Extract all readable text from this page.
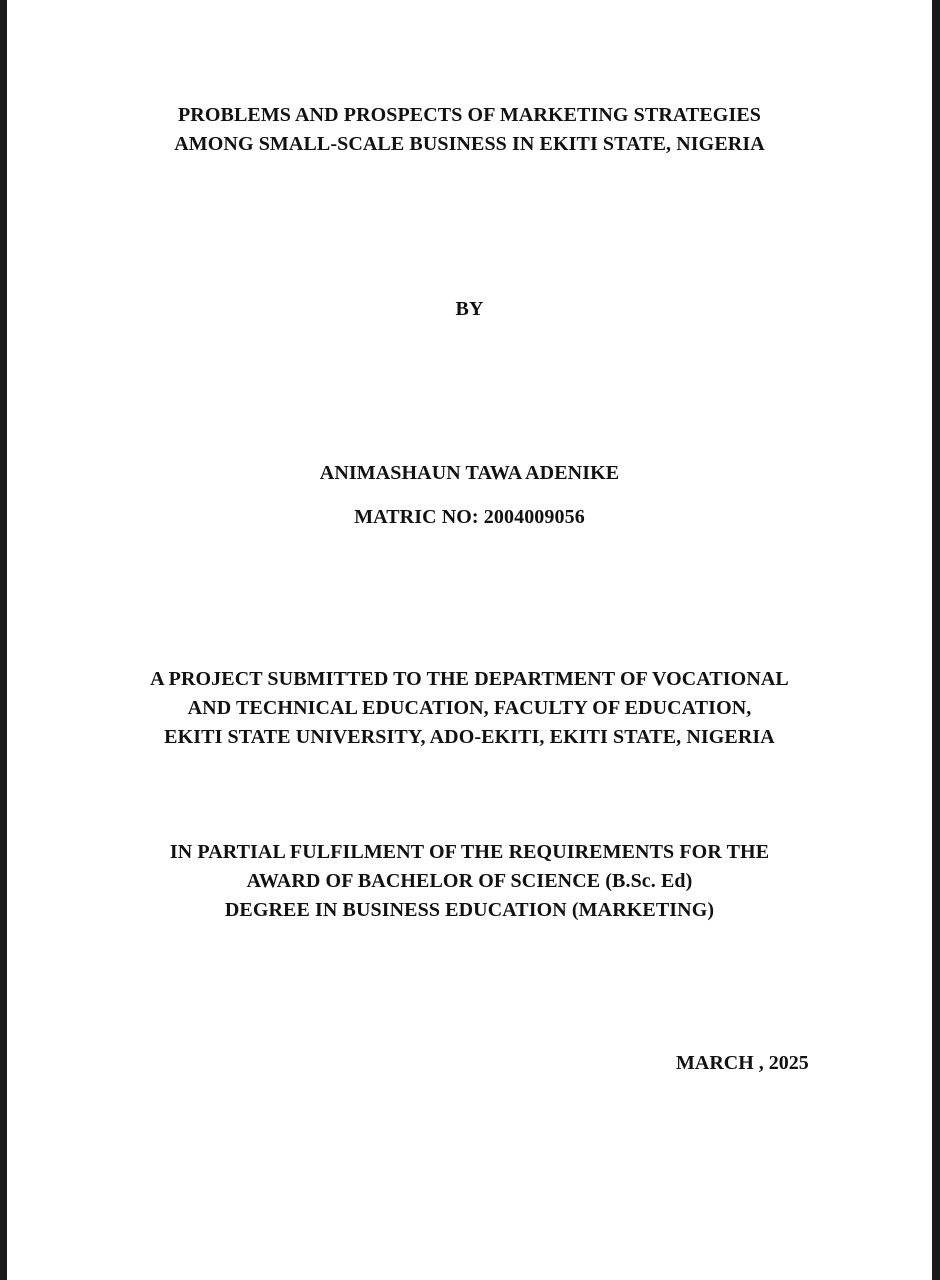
PROBLEMS AND PROSPECTS OF MARKETING STRATEGIES
AMONG SMALL-SCALE BUSINESS IN EKITI STATE, NIGERIA
BY
ANIMASHAUN TAWA ADENIKE
MATRIC NO: 2004009056
A PROJECT SUBMITTED TO THE DEPARTMENT OF VOCATIONAL
AND TECHNICAL EDUCATION, FACULTY OF EDUCATION,
EKITI STATE UNIVERSITY, ADO-EKITI, EKITI STATE, NIGERIA
IN PARTIAL FULFILMENT OF THE REQUIREMENTS FOR THE
AWARD OF BACHELOR OF SCIENCE (B.Sc. Ed)
DEGREE IN BUSINESS EDUCATION (MARKETING)
MARCH , 2025
